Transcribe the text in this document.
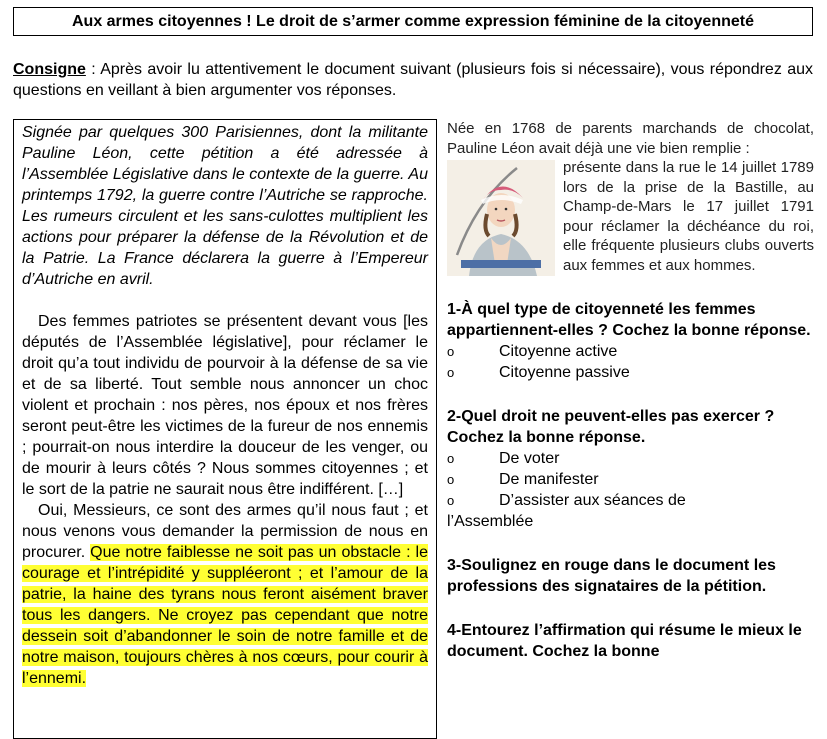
Aux armes citoyennes ! Le droit de s’armer comme expression féminine de la citoyenneté
Consigne : Après avoir lu attentivement le document suivant (plusieurs fois si nécessaire), vous répondrez aux questions en veillant à bien argumenter vos réponses.

Signée par quelques 300 Parisiennes, dont la militante Pauline Léon, cette pétition a été adressée à l’Assemblée Législative dans le contexte de la guerre. Au printemps 1792, la guerre contre l’Autriche se rapproche. Les rumeurs circulent et les sans-culottes multiplient les actions pour préparer la défense de la Révolution et de la Patrie. La France déclarera la guerre à l’Empereur d’Autriche en avril.

Des femmes patriotes se présentent devant vous [les députés de l’Assemblée législative], pour réclamer le droit qu’a tout individu de pourvoir à la défense de sa vie et de sa liberté. Tout semble nous annoncer un choc violent et prochain : nos pères, nos époux et nos frères seront peut-être les victimes de la fureur de nos ennemis ; pourrait-on nous interdire la douceur de les venger, ou de mourir à leurs côtés ? Nous sommes citoyennes ; et le sort de la patrie ne saurait nous être indifférent. […]

Oui, Messieurs, ce sont des armes qu’il nous faut ; et nous venons vous demander la permission de nous en procurer. Que notre faiblesse ne soit pas un obstacle : le courage et l’intrépidité y suppléeront ; et l’amour de la patrie, la haine des tyrans nous feront aisément braver tous les dangers. Ne croyez pas cependant que notre dessein soit d’abandonner le soin de notre famille et de notre maison, toujours chères à nos cœurs, pour courir à l’ennemi.

Née en 1768 de parents marchands de chocolat, Pauline Léon avait déjà une vie bien remplie :
présente dans la rue le 14 juillet 1789 lors de la prise de la Bastille, au Champ-de-Mars le 17 juillet 1791 pour réclamer la déchéance du roi, elle fréquente plusieurs clubs ouverts aux femmes et aux hommes.
1-À quel type de citoyenneté les femmes appartiennent-elles ? Cochez la bonne réponse.
o	Citoyenne active
o	Citoyenne passive
2-Quel droit ne peuvent-elles pas exercer ? Cochez la bonne réponse.
o	De voter
o	De manifester
o	D’assister aux séances de
l’Assemblée
3-Soulignez en rouge dans le document les professions des signataires de la pétition.
4-Entourez l’affirmation qui résume le mieux le document. Cochez la bonne
